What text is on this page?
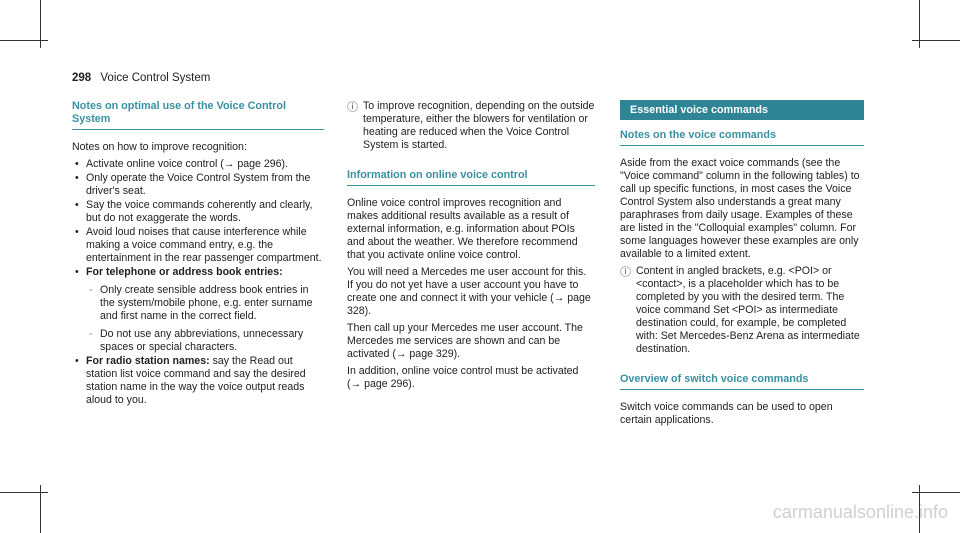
298 Voice Control System
Notes on optimal use of the Voice Control System

Notes on how to improve recognition:

• Activate online voice control (→ page 296).
• Only operate the Voice Control System from the driver's seat.
• Say the voice commands coherently and clearly, but do not exaggerate the words.
• Avoid loud noises that cause interference while making a voice command entry, e.g. the entertainment in the rear passenger compartment.
• For telephone or address book entries:
- Only create sensible address book entries in the system/mobile phone, e.g. enter surname and first name in the correct field.
- Do not use any abbreviations, unnecessary spaces or special characters.
• For radio station names: say the Read out station list voice command and say the desired station name in the way the voice output reads aloud to you.
i To improve recognition, depending on the outside temperature, either the blowers for ventilation or heating are reduced when the Voice Control System is started.
Information on online voice control

Online voice control improves recognition and makes additional results available as a result of external information, e.g. information about POIs and about the weather. We therefore recommend that you activate online voice control.

You will need a Mercedes me user account for this. If you do not yet have a user account you have to create one and connect it with your vehicle (→ page 328).

Then call up your Mercedes me user account. The Mercedes me services are shown and can be activated (→ page 329).

In addition, online voice control must be activated (→ page 296).

Essential voice commands
Notes on the voice commands

Aside from the exact voice commands (see the "Voice command" column in the following tables) to call up specific functions, in most cases the Voice Control System also understands a great many paraphrases from daily usage. Examples of these are listed in the "Colloquial examples" column. For some languages however these examples are only available to a limited extent.

i Content in angled brackets, e.g. <POI> or <contact>, is a placeholder which has to be completed by you with the desired term. The voice command Set <POI> as intermediate destination could, for example, be completed with: Set Mercedes-Benz Arena as intermediate destination.
Overview of switch voice commands

Switch voice commands can be used to open certain applications.

carmanualsonline.info
